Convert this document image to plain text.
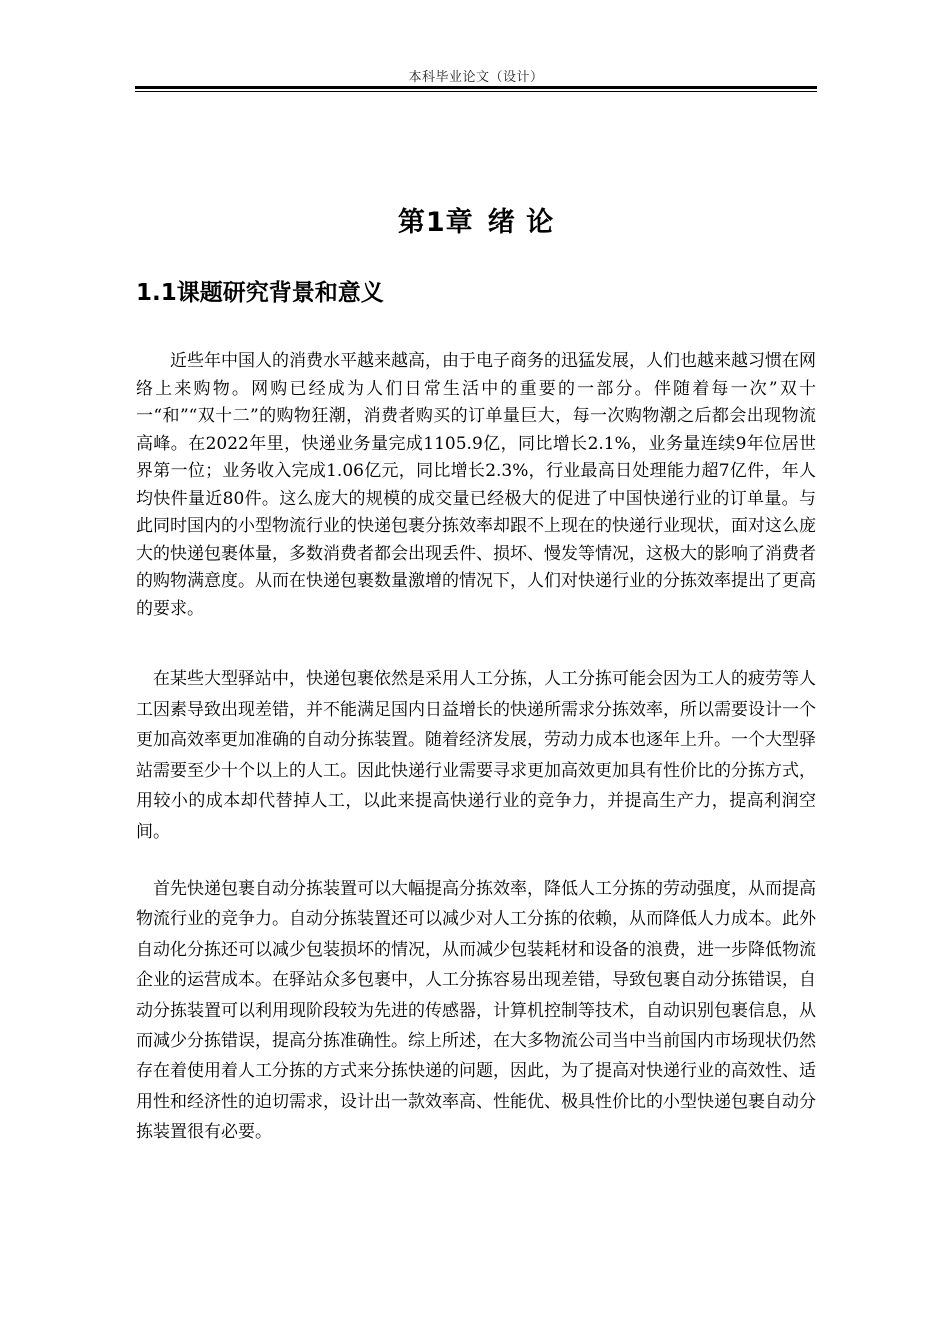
本科毕业论文（设计）
第1章 绪 论
1.1课题研究背景和意义

近些年中国人的消费水平越来越高，由于电子商务的迅猛发展，人们也越来越习惯在网络上来购物。网购已经成为人们日常生活中的重要的一部分。伴随着每一次”双十一“和”“双十二”的购物狂潮，消费者购买的订单量巨大，每一次购物潮之后都会出现物流高峰。在2022年里，快递业务量完成1105.9亿，同比增长2.1%，业务量连续9年位居世界第一位；业务收入完成1.06亿元，同比增长2.3%，行业最高日处理能力超7亿件，年人均快件量近80件。这么庞大的规模的成交量已经极大的促进了中国快递行业的订单量。与此同时国内的小型物流行业的快递包裹分拣效率却跟不上现在的快递行业现状，面对这么庞大的快递包裹体量，多数消费者都会出现丢件、损坏、慢发等情况，这极大的影响了消费者的购物满意度。从而在快递包裹数量激增的情况下，人们对快递行业的分拣效率提出了更高的要求。

在某些大型驿站中，快递包裹依然是采用人工分拣，人工分拣可能会因为工人的疲劳等人工因素导致出现差错，并不能满足国内日益增长的快递所需求分拣效率，所以需要设计一个更加高效率更加准确的自动分拣装置。随着经济发展，劳动力成本也逐年上升。一个大型驿站需要至少十个以上的人工。因此快递行业需要寻求更加高效更加具有性价比的分拣方式，用较小的成本却代替掉人工，以此来提高快递行业的竞争力，并提高生产力，提高利润空间。

首先快递包裹自动分拣装置可以大幅提高分拣效率，降低人工分拣的劳动强度，从而提高物流行业的竞争力。自动分拣装置还可以减少对人工分拣的依赖，从而降低人力成本。此外自动化分拣还可以减少包装损坏的情况，从而减少包装耗材和设备的浪费，进一步降低物流企业的运营成本。在驿站众多包裹中，人工分拣容易出现差错，导致包裹自动分拣错误，自动分拣装置可以利用现阶段较为先进的传感器，计算机控制等技术，自动识别包裹信息，从而减少分拣错误，提高分拣准确性。综上所述，在大多物流公司当中当前国内市场现状仍然存在着使用着人工分拣的方式来分拣快递的问题，因此，为了提高对快递行业的高效性、适用性和经济性的迫切需求，设计出一款效率高、性能优、极具性价比的小型快递包裹自动分拣装置很有必要。
